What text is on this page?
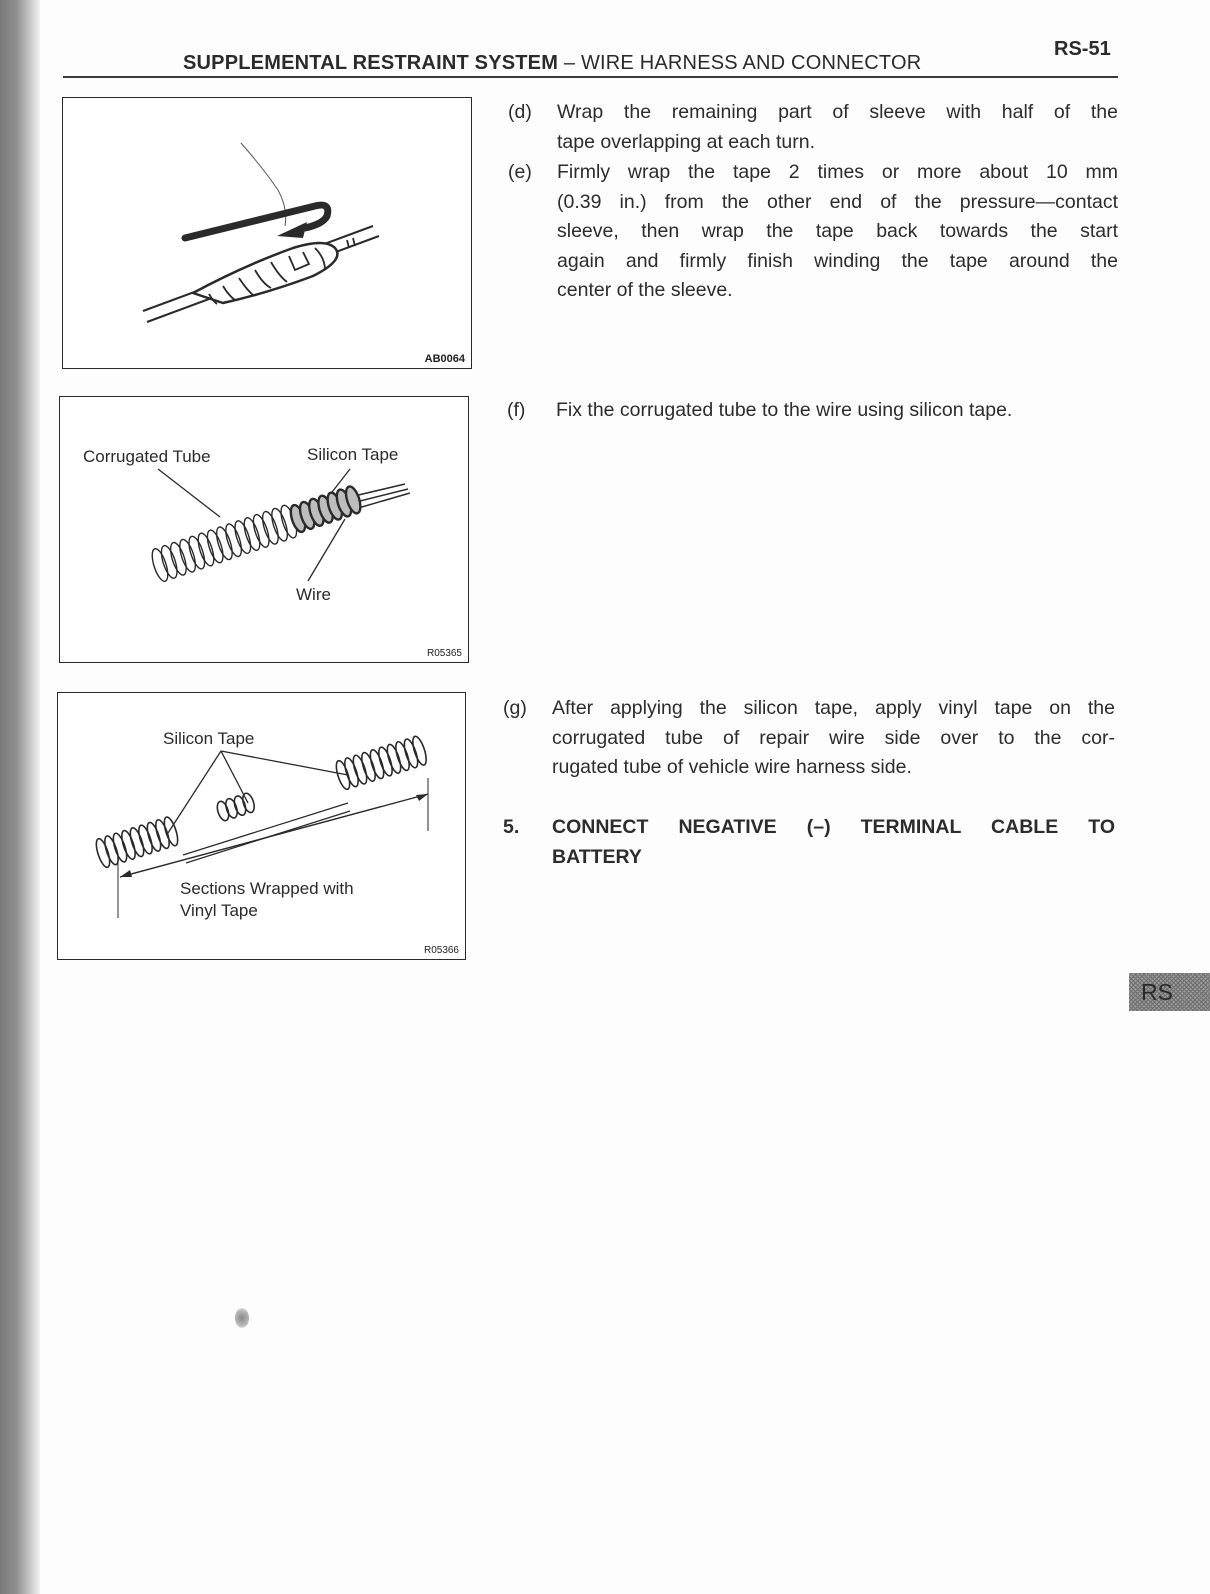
SUPPLEMENTAL RESTRAINT SYSTEM – WIRE HARNESS AND CONNECTOR
RS-51
AB0064
Corrugated Tube	Silicon Tape
Wire
R05365
Silicon Tape
Sections Wrapped with
Vinyl Tape
R05366
(d)	Wrap the remaining part of sleeve with half of the
tape overlapping at each turn.
(e)	Firmly wrap the tape 2 times or more about 10 mm
(0.39 in.) from the other end of the pressure—contact
sleeve, then wrap the tape back towards the start
again and firmly finish winding the tape around the
center of the sleeve.
(f)	Fix the corrugated tube to the wire using silicon tape.
(g)	After applying the silicon tape, apply vinyl tape on the
corrugated tube of repair wire side over to the cor-
rugated tube of vehicle wire harness side.
5.	CONNECT NEGATIVE (–) TERMINAL CABLE TO
BATTERY
RS
